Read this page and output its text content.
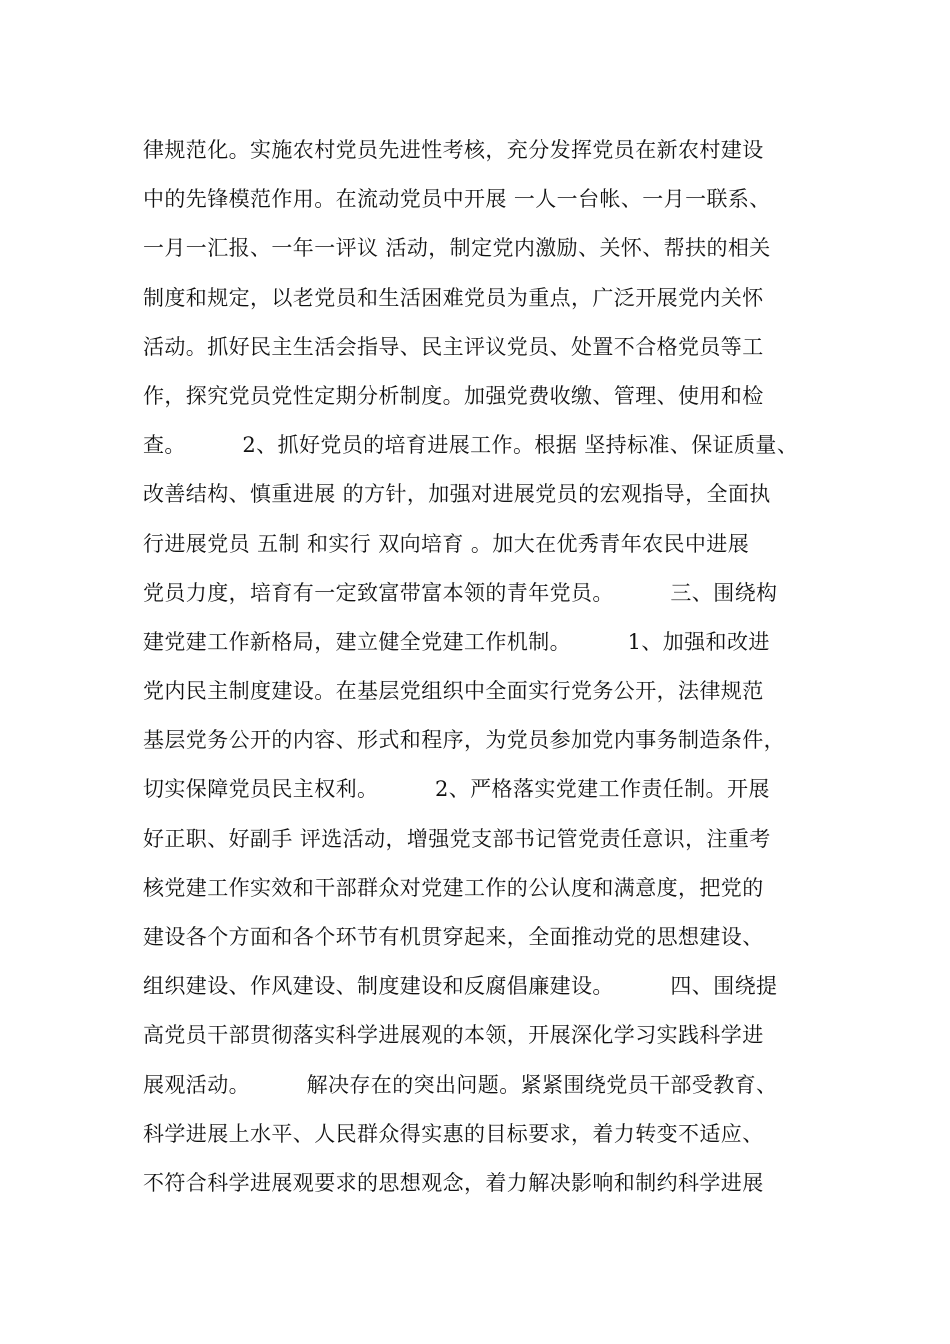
律规范化。实施农村党员先进性考核，充分发挥党员在新农村建设
中的先锋模范作用。在流动党员中开展 一人一台帐、一月一联系、
一月一汇报、一年一评议 活动，制定党内激励、关怀、帮扶的相关
制度和规定，以老党员和生活困难党员为重点，广泛开展党内关怀
活动。抓好民主生活会指导、民主评议党员、处置不合格党员等工
作，探究党员党性定期分析制度。加强党费收缴、管理、使用和检
查。        2、抓好党员的培育进展工作。根据 坚持标准、保证质量、
改善结构、慎重进展 的方针，加强对进展党员的宏观指导，全面执
行进展党员 五制 和实行 双向培育 。加大在优秀青年农民中进展
党员力度，培育有一定致富带富本领的青年党员。        三、围绕构
建党建工作新格局，建立健全党建工作机制。        1、加强和改进
党内民主制度建设。在基层党组织中全面实行党务公开，法律规范
基层党务公开的内容、形式和程序，为党员参加党内事务制造条件，
切实保障党员民主权利。        2、严格落实党建工作责任制。开展
好正职、好副手 评选活动，增强党支部书记管党责任意识，注重考
核党建工作实效和干部群众对党建工作的公认度和满意度，把党的
建设各个方面和各个环节有机贯穿起来，全面推动党的思想建设、
组织建设、作风建设、制度建设和反腐倡廉建设。        四、围绕提
高党员干部贯彻落实科学进展观的本领，开展深化学习实践科学进
展观活动。        解决存在的突出问题。紧紧围绕党员干部受教育、
科学进展上水平、人民群众得实惠的目标要求，着力转变不适应、
不符合科学进展观要求的思想观念，着力解决影响和制约科学进展
